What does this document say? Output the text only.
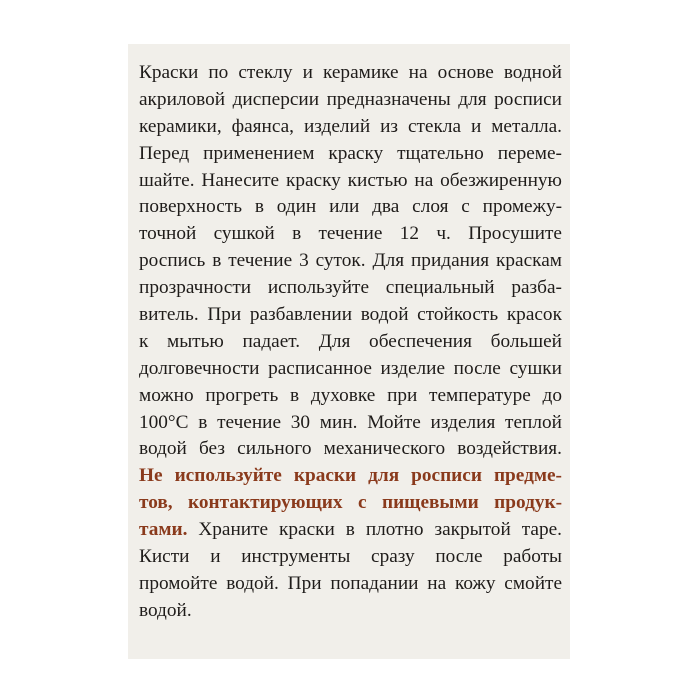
Краски по стеклу и керамике на основе водной
акриловой дисперсии предназначены для росписи
керамики, фаянса, изделий из стекла и металла.
Перед применением краску тщательно переме-
шайте. Нанесите краску кистью на обезжиренную
поверхность в один или два слоя с промежу-
точной сушкой в течение 12 ч. Просушите
роспись в течение 3 суток. Для придания краскам
прозрачности используйте специальный разба-
витель. При разбавлении водой стойкость красок
к мытью падает. Для обеспечения большей
долговечности расписанное изделие после сушки
можно прогреть в духовке при температуре до
100°С в течение 30 мин. Мойте изделия теплой
водой без сильного механического воздействия.
Не используйте краски для росписи предме-
тов, контактирующих с пищевыми продук-
тами. Храните краски в плотно закрытой таре.
Кисти и инструменты сразу после работы
промойте водой. При попадании на кожу смойте
водой.
